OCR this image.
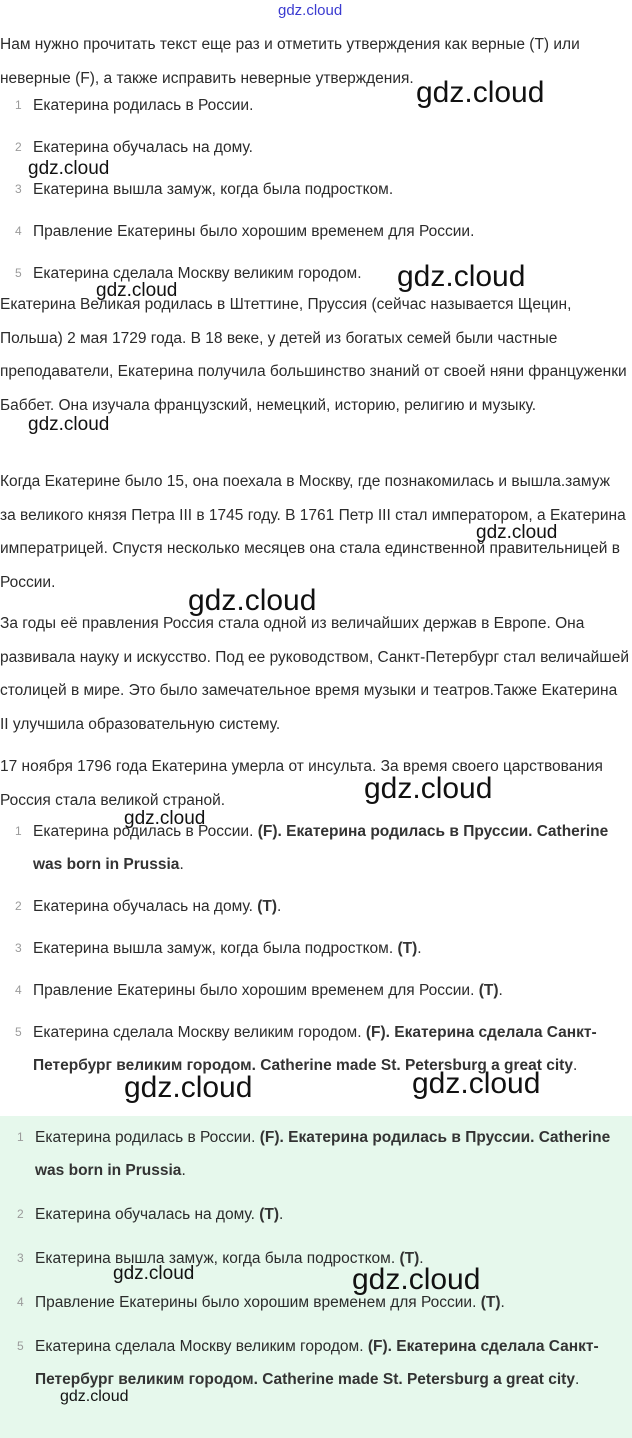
gdz.cloud
Нам нужно прочитать текст еще раз и отметить утверждения как верные (T) или неверные (F), а также исправить неверные утверждения.
1 Екатерина родилась в России.
2 Екатерина обучалась на дому.
3 Екатерина вышла замуж, когда была подростком.
4 Правление Екатерины было хорошим временем для России.
5 Екатерина сделала Москву великим городом.
Екатерина Великая родилась в Штеттине, Пруссия (сейчас называется Щецин, Польша) 2 мая 1729 года. В 18 веке, у детей из богатых семей были частные преподаватели, Екатерина получила большинство знаний от своей няни француженки Баббет. Она изучала французский, немецкий, историю, религию и музыку.
Когда Екатерине было 15, она поехала в Москву, где познакомилась и вышла.замуж за великого князя Петра III в 1745 году. В 1761 Петр III стал императором, а Екатерина императрицей. Спустя несколько месяцев она стала единственной правительницей в России.
За годы её правления Россия стала одной из величайших держав в Европе. Она развивала науку и искусство. Под ее руководством, Санкт-Петербург стал величайшей столицей в мире. Это было замечательное время музыки и театров.Также Екатерина II улучшила образовательную систему.
17 ноября 1796 года Екатерина умерла от инсульта. За время своего царствования Россия стала великой страной.
1 Екатерина родилась в России. (F). Екатерина родилась в Пруссии. Catherine was born in Prussia.
2 Екатерина обучалась на дому. (T).
3 Екатерина вышла замуж, когда была подростком. (T).
4 Правление Екатерины было хорошим временем для России. (T).
5 Екатерина сделала Москву великим городом. (F). Екатерина сделала Санкт-Петербург великим городом. Catherine made St. Petersburg a great city.
1 Екатерина родилась в России. (F). Екатерина родилась в Пруссии. Catherine was born in Prussia.
2 Екатерина обучалась на дому. (T).
3 Екатерина вышла замуж, когда была подростком. (T).
4 Правление Екатерины было хорошим временем для России. (T).
5 Екатерина сделала Москву великим городом. (F). Екатерина сделала Санкт-Петербург великим городом. Catherine made St. Petersburg a great city.
gdz.cloud
gdz.cloud
gdz.cloud
gdz.cloud
gdz.cloud
gdz.cloud
gdz.cloud
gdz.cloud
gdz.cloud
gdz.cloud	gdz.cloud
gdz.cloud	gdz.cloud
gdz.cloud
